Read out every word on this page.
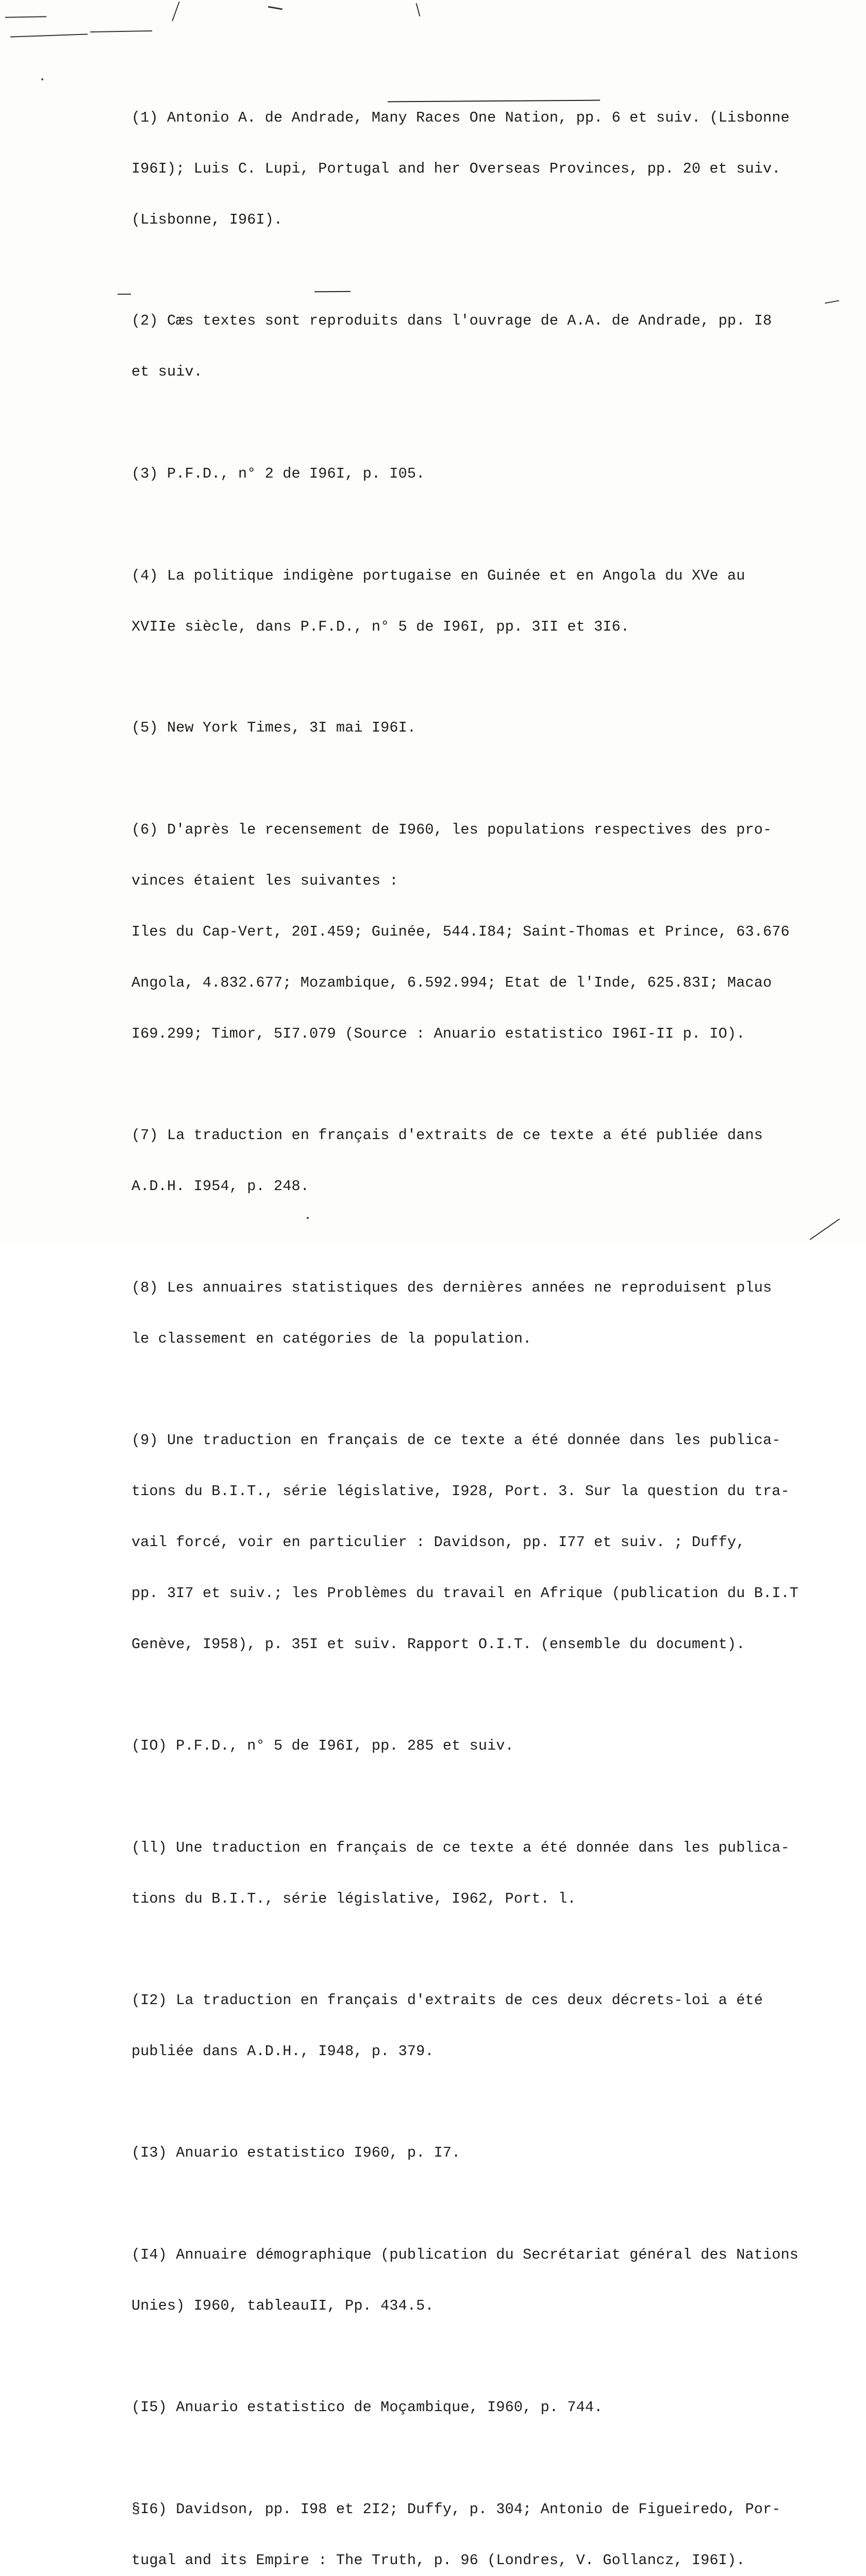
(1) Antonio A. de Andrade, Many Races One Nation, pp. 6 et suiv. (Lisbonne

I96I); Luis C. Lupi, Portugal and her Overseas Provinces, pp. 20 et suiv.

(Lisbonne, I96I).

(2) Cæs textes sont reproduits dans l'ouvrage de A.A. de Andrade, pp. I8

et suiv.

(3) P.F.D., n° 2 de I96I, p. I05.

(4) La politique indigène portugaise en Guinée et en Angola du XVe au

XVIIe siècle, dans P.F.D., n° 5 de I96I, pp. 3II et 3I6.

(5) New York Times, 3I mai I96I.

(6) D'après le recensement de I960, les populations respectives des pro-

vinces étaient les suivantes :

Iles du Cap-Vert, 20I.459; Guinée, 544.I84; Saint-Thomas et Prince, 63.676

Angola, 4.832.677; Mozambique, 6.592.994; Etat de l'Inde, 625.83I; Macao

I69.299; Timor, 5I7.079 (Source : Anuario estatistico I96I-II p. IO).

(7) La traduction en français d'extraits de ce texte a été publiée dans

A.D.H. I954, p. 248.

(8) Les annuaires statistiques des dernières années ne reproduisent plus

le classement en catégories de la population.

(9) Une traduction en français de ce texte a été donnée dans les publica-

tions du B.I.T., série législative, I928, Port. 3. Sur la question du tra-

vail forcé, voir en particulier : Davidson, pp. I77 et suiv. ; Duffy,

pp. 3I7 et suiv.; les Problèmes du travail en Afrique (publication du B.I.T

Genève, I958), p. 35I et suiv. Rapport O.I.T. (ensemble du document).

(IO) P.F.D., n° 5 de I96I, pp. 285 et suiv.

(ll) Une traduction en français de ce texte a été donnée dans les publica-

tions du B.I.T., série législative, I962, Port. l.

(I2) La traduction en français d'extraits de ces deux décrets-loi a été

publiée dans A.D.H., I948, p. 379.

(I3) Anuario estatistico I960, p. I7.

(I4) Annuaire démographique (publication du Secrétariat général des Nations

Unies) I960, tableauII, Pp. 434.5.

(I5) Anuario estatistico de Moçambique, I960, p. 744.

§I6) Davidson, pp. I98 et 2I2; Duffy, p. 304; Antonio de Figueiredo, Por-

tugal and its Empire : The Truth, p. 96 (Londres, V. Gollancz, I96I).
